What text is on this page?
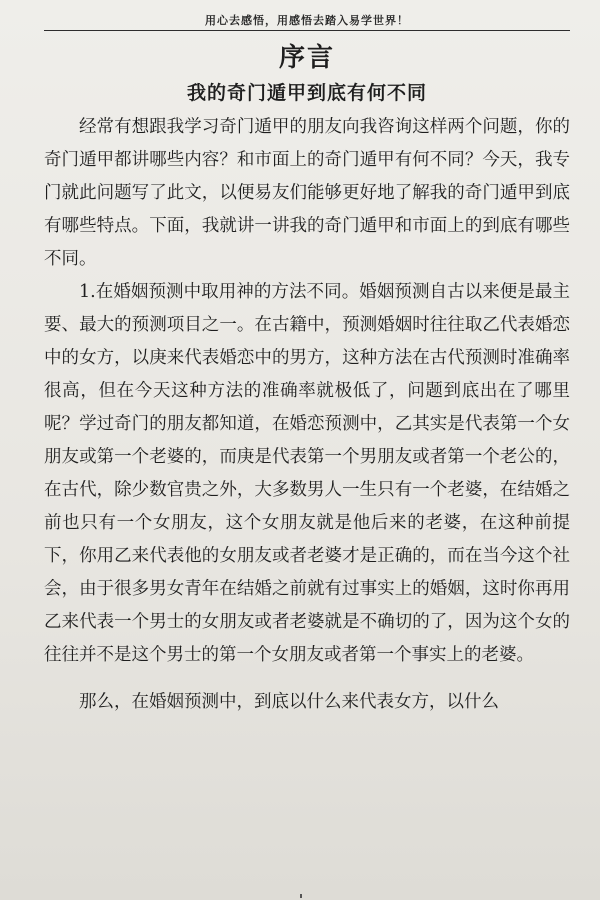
用心去感悟，用感悟去踏入易学世界！
序言
我的奇门遁甲到底有何不同

经常有想跟我学习奇门遁甲的朋友向我咨询这样两个问题，你的奇门遁甲都讲哪些内容？和市面上的奇门遁甲有何不同？今天，我专门就此问题写了此文，以便易友们能够更好地了解我的奇门遁甲到底有哪些特点。下面，我就讲一讲我的奇门遁甲和市面上的到底有哪些不同。

1.在婚姻预测中取用神的方法不同。婚姻预测自古以来便是最主要、最大的预测项目之一。在古籍中，预测婚姻时往往取乙代表婚恋中的女方，以庚来代表婚恋中的男方，这种方法在古代预测时准确率很高，但在今天这种方法的准确率就极低了，问题到底出在了哪里呢？学过奇门的朋友都知道，在婚恋预测中，乙其实是代表第一个女朋友或第一个老婆的，而庚是代表第一个男朋友或者第一个老公的，在古代，除少数官贵之外，大多数男人一生只有一个老婆，在结婚之前也只有一个女朋友，这个女朋友就是他后来的老婆，在这种前提下，你用乙来代表他的女朋友或者老婆才是正确的，而在当今这个社会，由于很多男女青年在结婚之前就有过事实上的婚姻，这时你再用乙来代表一个男士的女朋友或者老婆就是不确切的了，因为这个女的往往并不是这个男士的第一个女朋友或者第一个事实上的老婆。

那么，在婚姻预测中，到底以什么来代表女方，以什么
